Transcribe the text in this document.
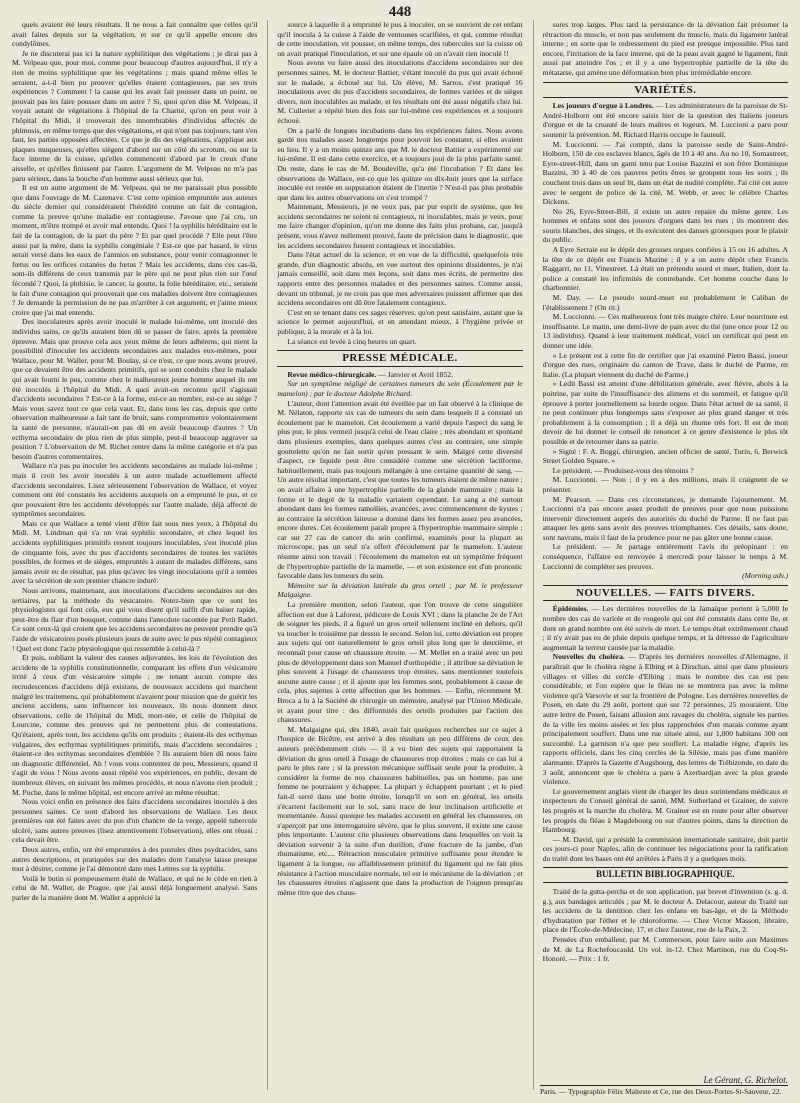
448

quels avaient été leurs résultats. Il ne nous a fait connaître que celles qu'il avait faites depuis sur la végétation, et sur ce qu'il appelle encore des condylômes.

Je ne discuterai pas ici la nature syphilitique des végétations ; je dirai pas à M. Velpeau que, pour moi, comme pour beaucoup d'autres aujourd'hui, il n'y a rien de moins syphilitique que les végétations ; mais quand même elles le seraient, a-t-il bien pu prouver qu'elles étaient contagieuses, par ses trois expériences ? Comment ! la cause qui les avait fait pousser dans un point, ne pouvait pas les faire pousser dans un autre ? Si, quoi qu'en dise M. Velpeau, il voyait autant de végétations à l'hôpital de la Charité, qu'on en peut voir à l'hôpital du Midi, il trouverait des innombrables d'individus affectés de phimosis, en même temps que des végétations, et qui n'ont pas toujours, tant s'en faut, les parties opposées affectées. Ce que je dis des végétations, s'applique aux plaques muqueuses, qu'elles siègent d'abord sur un côté du scrotum, ou sur la face interne de la cuisse, qu'elles commencent d'abord par le creux d'une aisselle, et qu'elles finissent par l'autre. L'argument de M. Velpeau ne m'a pas paru sérieux, dans la bouche d'un homme aussi sérieux que lui.

Il est un autre argument de M. Velpeau, qui ne me paraissait plus possible que dans l'ouvrage de M. Cazenave. C'est cette opinion empruntée aux auteurs du siècle dernier qui considéraient l'hérédité comme un fait de contagion, comme la preuve qu'une maladie est contagieuse. J'avoue que j'ai cru, un moment, m'être trompé et avoir mal entendu. Quoi ! la syphilis héréditaire est le fait de la contagion, de la part du père ? Et par quel procédé ? Elle peut l'être aussi par la mère, dans la syphilis congéniale ? Est-ce que par hasard, le virus serait versé dans les eaux de l'amnios en substance, pour venir contagionner le fœtus ou les orifices cutanées du fœtus ? Mais les accidents, dans ces cas-là, sont-ils différens de ceux transmis par le père qui ne peut plus rien sur l'œuf fécondé ? Quoi, la phthisie, le cancer, la goutte, la folie héréditaire, etc., seraient le fait d'une contagion qui prouverait que ces maladies doivent être contagieuses ? Je demande la permission de ne pas m'arrêter à cet argument, et j'aime mieux croire que j'ai mal entendu.

Des inoculateurs après avoir inoculé le malade lui-même, ont inoculé des individus sains, ce qu'ils auraient bien dû se passer de faire, après la première épreuve. Mais que prouve cela aux yeux même de leurs adhérens, qui nient la possibilité d'inoculer les accidents secondaires aux malades eux-mêmes, pour Wallace, pour M. Waller, pour M. Boulay, si ce n'est, ce que nous avons prouvé, que ce devaient être des accidents primitifs, qui se sont conduits chez le malade qui avait fourni le pus, comme chez le malheureux jeune homme auquel ils ont été inoculés à l'hôpital du Midi. A quoi avait-on reconnu qu'il s'agissait d'accidents secondaires ? Est-ce à la forme, est-ce au nombre, est-ce au siège ? Mais vous savez tout ce que cela vaut. Et, dans tous les cas, depuis que cette observation malheureuse a fait tant de bruit, sans compromettre volontairement la santé de personne, n'aurait-on pas dû en avoir beaucoup d'autres ? Un ecthyma secondaire de plus rien de plus simple, peut-il beaucoup aggraver sa position ? L'observation de M. Richet rentre dans la même catégorie et n'a pas besoin d'autres commentaires.

Wallace n'a pas pu inoculer les accidents secondaires au malade lui-même ; mais il croit les avoir inoculés à un autre malade actuellement affecté d'accidents secondaires. Lisez sérieusement l'observation de Wallace, et voyez comment ont été constatés les accidents auxquels on a emprunté le pus, et ce que pouvaient être les accidents développés sur l'autre malade, déjà affecté de symptômes secondaires.

Mais ce que Wallace a tenté vient d'être fait sous mes yeux, à l'hôpital du Midi. M. Lindman qui s'a un vrai syphilis secondaire, et chez lequel les accidents syphilitiques primitifs restent toujours inoculables, s'est inoculé plus de cinquante fois, avec du pus d'accidents secondaires de toutes les variétés possibles, de formes et de sièges, empruntés à autant de malades différens, sans jamais avoir eu de résultat, pas plus qu'avec les vingt inoculations qu'il a tentées avec la sécrétion de son premier chancre induré.

Nous arrivons, maintenant, aux inoculations d'accidens secondaires sur des tertiaires, par la méthode du vésicatoire. Notez-bien que ce sont les physiologistes qui font cela, eux qui vous disent qu'il suffit d'un baiser rapide, peut-être du flair d'un bouquet, comme dans l'anecdote racontée par Petit Radel. Ce sont ceux-là qui croient que les accidens secondaires ne peuvent prendre qu'à l'aide de vésicatoires posés plusieurs jours de suite avec le pus répété contagieux ! Quel est donc l'acte physiologique qui ressemble à celui-là ?

Et puis, oubliant la valeur des causes adjuvantes, les lois de l'évolution des accidens de la syphilis constitutionnelle, comparant les effets d'un vésicatoire irrité à ceux d'un vésicatoire simple ; ne tenant aucun compte des recrudescences d'accidens déjà existans, de nouveaux accidens qui marchent malgré les traitemens, qui probablement n'avaient pour mission que de guérir les anciens accidens, sans influencer les nouveaux, ils nous donnent deux observations, celle de l'hôpital du Midi, mort-née, et celle de l'hôpital de Lourcine, comme des preuves qui ne permettent plus de contestations. Qu'étaient, après tout, les accidens qu'ils ont produits ; étaient-ils des ecthymas vulgaires, des ecthymas syphilitiques primitifs, mais d'accidens secondaires ; étaient-ce des ecthymas secondaires d'emblée ? Ils auraient bien dû nous faire un diagnostic différentiel. Ah ! vous vous contentez de peu, Messieurs, quand il s'agit de vous ! Nous avons aussi répété vos expériences, en public, devant de nombreux élèves, en suivant les mêmes procédés, et nous n'avons rien produit ; M. Puche, dans le même hôpital, est encore arrivé au même résultat.

Nous voici enfin en présence des faits d'accidens secondaires inoculés à des personnes saines. Ce sont d'abord les observations de Wallace. Les deux premières ont été faites avec du pus d'un chancre de la verge, appelé tubercule ulcéré, sans autres preuves (lisez attentivement l'observation), elles ont réussi : cela devait être.

Deux autres, enfin, ont été empruntées à des pustules dites psydracides, sans autres descriptions, et pratiquées sur des malades dont l'analyse laisse presque tout à désirer, comme je l'ai démontré dans mes Lettres sur la syphilis.

Voilà le butin si pompeusement étalé de Wallace, et qui ne le cède en rien à celui de M. Waller, de Prague, que j'ai aussi déjà longuement analysé. Sans parler de la manière dont M. Waller a apprécié la

source à laquelle il a emprunté le pus à inoculer, on se souvient de cet enfant qu'il inocula à la cuisse à l'aide de ventouses scarifiées, et qui, comme résultat de cette inoculation, vit pousser, en même temps, des tubercules sur la cuisse où on avait pratiqué l'inoculation, et sur une épaule où on n'avait rien inoculé !!

Nous avons vu faire aussi des inoculations d'accidens secondaires sur des personnes saines. M. le docteur Battier, s'étant inoculé du pus qui avait échoué sur le malade, a échoué sur lui. Un élève, M. Sarros, s'est pratiqué 16 inoculations avec du pus d'accidens secondaires, de formes variées et de sièges divers, non inoculables au malade, et les résultats ont été aussi négatifs chez lui. M. Cullerier a répété bien des fois sur lui-même ces expériences et a toujours échoué.

On a parlé de longues incubations dans les expériences faites. Nous avons gardé nos malades assez longtemps pour pouvoir les constater, si elles avaient eu lieu. Il y a un moins quinze ans que M. le docteur Battier a expérimenté sur lui-même. Il est dans cette exercice, et a toujours joui de la plus parfaite santé. Du reste, dans le cas de M. Boudeville, qu'a été l'incubation ? Et dans les observations de Wallace, est-ce que les quinze ou dix-huit jours que la surface inoculée est restée en suppuration étaient de l'inertie ? N'est-il pas plus probable que dans les autres observations on s'est trompé ?

Maintenant, Messieurs, je ne veux pas, par pur esprit de système, que les accidens secondaires ne soient ni contagieux, ni inoculables, mais je veux, pour me faire changer d'opinion, qu'on me donne des faits plus probans, car, jusqu'à présent, vous n'avez nullement prouvé, faute de précision dans le diagnostic, que les accidens secondaires fussent contagieux et inoculables.

Dans l'état actuel de la science, et en vue de la difficulté, quelquefois très grande, d'un diagnostic absolu, en vue surtout des opinions dissidentes, je n'ai jamais conseillé, soit dans mes leçons, soit dans mes écrits, de permettre des rapports entre des personnes malades et des personnes saines. Comme aussi, devant un tribunal, je ne crois pas que mes adversaires puissent affirmer que des accidens secondaires ont dû être fatalement contagieux.

C'est en se tenant dans ces sages réserves, qu'on peut satisfaire, autant que la science le permet aujourd'hui, et en attendant mieux, à l'hygiène privée et publique, à la morale et à la loi.

La séance est levée à cinq heures un quart.

PRESSE MÉDICALE.

Revue médico-chirurgicale. — Janvier et Avril 1852.

Sur un symptôme négligé de certaines tumeurs du sein (Écoulement par le mamelon) ; par le docteur Adolphe Richard.

L'auteur, dont l'attention avait été éveillée par un fait observé à la clinique de M. Nélaton, rapporte six cas de tumeurs du sein dans lesquels il a constaté un écoulement par le mamelon. Cet écoulement a varié depuis l'aspect du sang le plus pur, le plus vermeil jusqu'à celui de l'eau claire ; très abondant et spontané dans plusieurs exemples, dans quelques autres c'est au contraire, une simple gouttelette qu'on ne fait sortir qu'en pressant le sein. Malgré cette diversité d'aspect, ce liquide peut être considéré comme une sécrétion lactiforme, habituellement, mais pas toujours mélangée à une certaine quantité de sang. — Un autre résultat important, c'est que toutes les tumeurs étaient de même nature ; on avait affaire à une hypertrophie partielle de la glande mammaire ; mais la forme et le degré de la maladie variaient cependant. Le sang a été surtout abondant dans les formes ramollies, avancées, avec commencement de kystes ; au contraire la sécrétion laiteuse a dominé dans les formes assez peu avancées, encore dures. Cet écoulement paraît propre à l'hypertrophie mammaire simple ; car sur 27 cas de cancer du sein confirmé, examinés pour la plupart au microscope, pas un seul n'a offert d'écoulement par le mamelon. L'auteur résume ainsi son travail : l'écoulement du mamelon est un symptôme fréquent de l'hypertrophie partielle de la mamelle, — et son existence est d'un pronostic favorable dans les tumeurs du sein.

Mémoire sur la déviation latérale du gros orteil ; par M. le professeur Malgaigne.

La première mention, selon l'auteur, que l'on trouve de cette singulière affection est due à Laforest, pédicure de Louis XVI ; dans la planche 2e de l'Art de soigner les pieds, il a figuré un gros orteil tellement incliné en dehors, qu'il va toucher le troisième par dessus le second. Selon lui, cette déviation est propre aux sujets qui ont naturellement le gros orteil plus long que le deuxième, et reconnaît pour cause un chaussure étroite. — M. Mellet en a traité avec un peu plus de développement dans son Manuel d'orthopédie ; il attribue sa déviation le plus souvent à l'usage de chaussures trop étroites, sans mentionner toutefois aucune autre cause ; et il ajoute que les femmes sont, probablement à cause de cela, plus sujettes à cette affection que les hommes. — Enfin, récemment M. Broca a lu à la Société de chirurgie un mémoire, analysé par l'Union Médicale, et ayant pour titre : des difformités des orteils produites par l'action des chaussures.

M. Malgaigne qui, dès 1840, avait fait quelques recherches sur ce sujet à l'hospice de Bicêtre, est arrivé à des résultats un peu différens de ceux des auteurs précédemment cités — il a vu bien des sujets qui rapportaient la déviation du gros orteil à l'usage de chaussures trop étroites ; mais ce cas lui a paru le plus rare ; si la pression mécanique suffisait seule pour la produire, à considérer la forme de nos chaussures habituelles, pas un homme, pas une femme ne pourraient y échapper. La plupart y échappent pourtant ; et le pied fait-il serré dans une botte étroite, lorsqu'il en sort en général, les orteils s'écartent facilement sur le sol, sans trace de leur inclinaison artificielle et momentanée. Aussi quoique les malades accusent en général les chaussures, on s'aperçoit par une interrogatoire sévère, que le plus souvent, il existe une cause plus importante. L'auteur cite plusieurs observations dans lesquelles on voit la déviation survenir à la suite d'un durillon, d'une fracture de la jambe, d'un rhumatisme, etc.... Rétraction musculaire primitive suffisante pour étendre le ligament à la longue, ou affaiblissement primitif du ligament qui ne fait plus résistance à l'action musculaire normale, tel est le mécanisme de la déviation ; et les chaussures étroites n'agissent que dans la production de l'oignon presqu'au même titre que des chaus-

sures trop larges. Plus tard la persistance de la déviation fait présumer la rétraction du muscle, et non pas seulement du muscle, mais du ligament latéral interne ; en sorte que le redressement du pied est presque impossible. Plus tard encore, l'irritation de la face interne, qui de la peau avait gagné le ligament, finit aussi par atteindre l'os ; et il y a une hypertrophie partielle de la tête du métatarse, qui amène une déformation bien plus irrémédiable encore.

VARIÉTÉS.

Les joueurs d'orgue à Londres. — Les administrateurs de la paroisse de St-André-Holborn ont été encore saisis hier de la question des Italiens joueurs d'orgue et de la cruauté de leurs maîtres et logeurs. M. Luccioni a paru pour soutenir la prévention. M. Richard Harris occupe le fauteuil.

M. Luccionni. — J'ai compté, dans la paroisse seule de Saint-André-Holborn, 150 de ces esclaves blancs, âgés de 10 à 40 ans. Au no 10, Somastreet, Eyre-street-Hill, dans un garni tenu par Louise Bazzini et son frère Dominique Bazzini, 30 à 40 de ces pauvres petits êtres se groupent tous les soirs ; ils couchent trois dans un seul lit, dans un état de nudité complète. J'ai cité cet autre avec le sergent de police de la cité, M. Webb, et avec le célèbre Charles Dickens.

No 26, Eyre-Street-Bill, il existe un autre repaire du même genre. Les hommes et enfans sont des joueurs d'orgues dans les rues ; ils montrent des souris blanches, des singes, et ils exécutent des danses grotesques pour le plaisir du public.

A Eyre Serraie est le dépôt des grosses orgues confiées à 15 ou 16 adultes. A la tête de ce dépôt est Francis Mazine ; il y a un autre dépôt chez Francis Raggarri, no 11, Vinestreet. Là était un prétendu sourd et muet, Italien, dont la police a constaté les infirmités de contrebande. Cet homme couche dans le charbonnier.

M. Day. — Le pseudo sourd-muet est probablement le Caliban de l'établissement ? (On rit.)

M. Luccionni. — Ces malheureux font très maigre chère. Leur nourriture est insuffisante. Le matin, une demi-livre de pain avec du thé (une once pour 12 ou 13 individus). Quand à leur traitement médical, voici un certificat qui peut en donner une idée.

« Le présent est à cette fin de certifier que j'ai examiné Pietro Bassi, joueur d'orgue des rues, originaire du canton de Trave, dans le duché de Parme, en Italie. (La plupart viennent du duché de Parme.)

» Ledit Bassi est atteint d'une débilitation générale, avec fièvre, abcès à la poitrine, par suite de l'insuffisance des alimens et du sommeil, et fatigue qu'il éprouve à porter journellement sa lourde orgue. Dans l'état actuel de sa santé, il ne peut continuer plus longtemps sans s'exposer au plus grand danger et très probablement à la consomption ; il a déjà un rhume très fort. Il est de mon devoir de lui donner le conseil de renoncer à ce genre d'existence le plus tôt possible et de retourner dans sa patrie.

» Signé : F. A. Boggi, chirurgien, ancien officier de santé, Turin, 6, Berwick Street Golden Square. »

Le président. — Produisez-vous des témoins ?

M. Luccionni. — Non ; il y en a des millions, mais il craignent de se présenter.

M. Pearson. — Dans ces circonstances, je demande l'ajournement. M. Luccionni n'a pas encore assez produit de preuves pour que nous puissions intervenir directement auprès des autorités du duché de Parme. Il ne faut pas attaquer les gens sans avoir des preuves triomphantes. Ces détails, sans doute, sont navrans, mais il faut de la prudence pour ne pas gâter une bonne cause.

Le président. — Je partage entièrement l'avis du préopinant : en conséquence, l'affaire est renvoyée à mercredi pour laisser le temps à M. Luccionni de compléter ses preuves.

(Morning adv.)
NOUVELLES. — FAITS DIVERS.

Épidémies. — Les dernières nouvelles de la Jamaïque portent à 5,000 le nombre des cas de variole et de rougeole qui ont été constatés dans cette île, et dont un grand nombre ont été suivis de mort. Le temps était extrêmement chaud ; il n'y avait pas eu de pluie depuis quelque temps, et la détresse de l'agriculture augmentait la terreur causée par la maladie.

Nouvelles du choléra. — D'après les dernières nouvelles d'Allemagne, il paraîtrait que le choléra règne à Elbing et à Dirschan, ainsi que dans plusieurs villages et villes du cercle d'Elbing ; mais le nombre des cas est peu considérable, et l'on espère que le fléau ne se montrera pas avec la même violence qu'à Varsovie et sur la frontière de Pologne. Les dernières nouvelles de Posen, en date du 29 août, portent que sur 72 personnes, 25 mouraient. Une autre lettre de Posen, faisant allusion aux ravages du choléra, signale les parties de la ville les moins aisées et les plus rapprochées d'un marais comme ayant principalement souffert. Dans une rue située ainsi, sur 1,000 habitans 300 ont succombé. La garnison n'a que peu souffert. La maladie règne, d'après les rapports officiels, dans les cinq cercles de la Silésie, mais pas d'une manière alarmante. D'après la Gazette d'Augsbourg, des lettres de Trébizonde, en date du 3 août, annoncent que le choléra a paru à Azerbardjan avec la plus grande violence.

Le gouvernement anglais vient de charger les deux surintendans médicaux et inspecteurs du Conseil général de santé, MM. Sutherland et Grainer, de suivre les progrès et la marche du choléra. M. Grainer est en route pour aller observer les progrès du fléau à Magdebourg ou sur d'autres points, dans la direction de Hambourg.

— M. David, qui a présidé la commission internationale sanitaire, doit partir ces jours-ci pour Naples, afin de continuer les négociations pour la ratification du traité dont les bases ont été arrêtées à Paris il y a quelques mois.

BULLETIN BIBLIOGRAPHIQUE.

Traité de la gutta-percha et de son application, par brevet d'invention (s. g. d. g.), aux bandages articulés ; par M. le docteur A. Delacour, auteur du Traité sur les accidens de la dentition chez les enfans en bas-âge, et de la Méthode d'hydratation par l'éther et le chloroforme. — Chez Victor Masson, libraire, place de l'École-de-Médecine, 17, et chez l'auteur, rue de la Paix, 2.

Pensées d'un emballeur, par M. Commerson, pour faire suite aux Maximes de M. de La Rochefoucauld. Un vol. in-12. Chez Martinon, rue du Coq-St-Honoré. — Prix : 1 fr.

Le Gérant, G. Richelot.
Paris. — Typographie Félix Malteste et Ce, rue des Deux-Portes-St-Sauveur, 22.
